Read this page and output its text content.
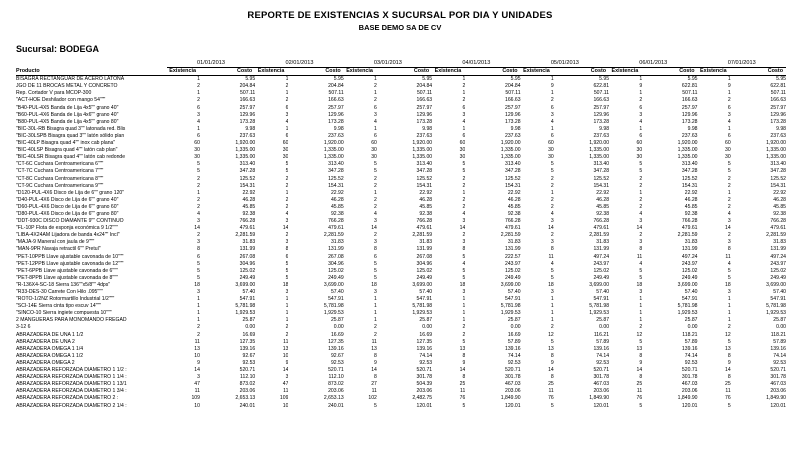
REPORTE DE EXISTENCIAS X SUCURSAL POR DIA Y UNIDADES
BASE DEMO SA DE CV
Sucursal: BODEGA
	01/01/2013		02/01/2013		03/01/2013		04/01/2013		05/01/2013		06/01/2013		07/01/2013	
Producto	Existencia	Costo	Existencia	Costo	Existencia	Costo	Existencia	Costo	Existencia	Costo	Existencia	Costo	Existencia	Costo

BISAGRA RECTANGUAR DE ACERO LATONA	1	5.95	1	5.95	1	5.95	1	5.95	1	5.95	1	5.95	1	5.95
JGO DE 11 BROCAS METAL Y CONCRETO	2	204.84	2	204.84	2	204.84	2	204.84	9	622.81	9	622.81	9	622.81
Rep. Cortador V para MCOP-300	1	507.11	1	507.11	1	507.11	1	507.11	1	507.11	1	507.11	1	507.11
"ACT-HOE Deshilador con mango 54"""	2	166.63	2	166.63	2	166.63	2	166.63	2	166.63	2	166.63	2	166.63
"B40-PUL-4X5 Banda de Lija 4x5"" grano 40"	6	257.97	6	257.97	6	257.97	6	257.97	6	257.97	6	257.97	6	257.97
"B60-PUL-4X6 Banda de Lija 4x6"" grano 40"	3	129.96	3	129.96	3	129.96	3	129.96	3	129.96	3	129.96	3	129.96
"B80-PUL-4X5 Banda de Lija 4x5"" grano 80"	4	173.28	4	173.28	4	173.28	4	173.28	4	173.28	4	173.28	4	173.28
"BIC-30L-RB Bisagra quad 3"" latonada red. Blis	1	9.98	1	9.98	1	9.98	1	9.98	1	9.98	1	9.98	1	9.98
"BIC-30LSPB Bisagra quad 3"" latón sólido plan	6	237.63	6	237.63	6	237.63	6	237.63	6	237.63	6	237.63	6	237.63
"BIC-40LP Bisagra quad 4"" inox cab plana"	60	1,920.00	60	1,920.00	60	1,920.00	60	1,920.00	60	1,920.00	60	1,920.00	60	1,920.00
"BIC-40LSP Bisagra quad 4"" latón cab plan"	30	1,335.00	30	1,335.00	30	1,335.00	30	1,335.00	30	1,335.00	30	1,335.00	30	1,335.00
"BIC-40LSR Bisagra quad 4"" latón cab redonde	30	1,335.00	30	1,335.00	30	1,335.00	30	1,335.00	30	1,335.00	30	1,335.00	30	1,335.00
"CT-6C Cuchara Centroamericana 6"""	5	313.40	5	313.40	5	313.40	5	313.40	5	313.40	5	313.40	5	313.40
"CT-7C Cuchara Centroamericana 7"""	5	347.28	5	347.28	5	347.28	5	347.28	5	347.28	5	347.28	5	347.28
"CT-8C Cuchara Centroamericana 8"""	2	125.52	2	125.52	2	125.52	2	125.52	2	125.52	2	125.52	2	125.52
"CT-9C Cuchara Centroamericana 9"""	2	154.31	2	154.31	2	154.31	2	154.31	2	154.31	2	154.31	2	154.31
"D120-PUL-4X6 Disco de Lija de 6"" grano 120"	1	22.92	1	22.92	1	22.92	1	22.92	1	22.92	1	22.92	1	22.92
"D40-PUL-4X6 Disco de Lija de 6"" grano 40"	2	46.28	2	46.28	2	46.28	2	46.28	2	46.28	2	46.28	2	46.28
"D60-PUL-4X6 Disco de Lija de 6"" grano 60"	2	45.85	2	45.85	2	45.85	2	45.85	2	45.85	2	45.85	2	45.85
"D80-PUL-4X6 Disco de Lija de 6"" grano 80"	4	92.38	4	92.38	4	92.38	4	92.38	4	92.38	4	92.38	4	92.38
"DDT-930C DISCO DIAMANTE 9"" CONTINUO	3	766.28	3	766.28	3	766.28	3	766.28	3	766.28	3	766.28	3	766.28
"FL-10P Flota de esponja económica 9 1/2"""	14	479.61	14	479.61	14	479.61	14	479.61	14	479.61	14	479.61	14	479.61
"LIBA-4X24AM Lijadora de banda 4x24"" Incl"	2	2,281.59	2	2,281.59	2	2,281.59	2	2,281.59	2	2,281.59	2	2,281.59	2	2,281.59
"MAJA-9 Maneral con jaula de 9"""	3	31.83	3	31.83	3	31.83	3	31.83	3	31.83	3	31.83	3	31.83
"MAN-9PR Navaja retractil 6"" Pretul"	8	131.99	8	131.99	8	131.99	8	131.99	8	131.99	8	131.99	8	131.99
"PET-10PPB Llave ajustable cavonada de 10"""	6	267.08	6	267.08	6	267.08	5	222.57	11	497.24	11	497.24	11	497.24
"PET-12PPB Llave ajustable cavonada de 12"""	5	304.96	5	304.96	5	304.96	4	243.97	4	243.97	4	243.97	4	243.97
"PET-6PPB Llave ajustable cavonada de 6"""	5	125.02	5	125.02	5	125.02	5	125.02	5	125.02	5	125.02	5	125.02
"PET-8PPB Llave ajustable cavonada de 8"""	5	249.49	5	249.49	5	249.49	5	249.49	5	249.49	5	249.49	5	249.49
"R-136X4-SC-18 Sierra 136""x5/8"" 4dps"	18	3,699.00	18	3,699.00	18	3,699.00	18	3,699.00	18	3,699.00	18	3,699.00	18	3,699.00
"R33-DES-30 Carrete Con Hilo .095"""	3	57.40	3	57.40	3	57.40	3	57.40	3	57.40	3	57.40	3	57.40
"ROTO-1/2NZ Rotormartillo Industrial 1/2"""	1	547.91	1	547.91	1	547.91	1	547.91	1	547.91	1	547.91	1	547.91
"SCI-14E Sierra cinta tipo escuv 14"""	1	5,781.98	1	5,781.98	1	5,781.98	1	5,781.98	1	5,781.98	1	5,781.98	1	5,781.98
"SINCO-10 Sierra ingiete compuesta 10"""	1	1,929.53	1	1,929.53	1	1,929.53	1	1,929.53	1	1,929.53	1	1,929.53	1	1,929.53
2 MANGUERAS PARA MONOMANDO FREGAD	1	25.87	1	25.87	1	25.87	1	25.87	1	25.87	1	25.87	1	25.87
3-12 6	2	0.00	2	0.00	2	0.00	2	0.00	2	0.00	2	0.00	2	0.00
ABRAZADERA DE UÑA 1 1/2	2	16.69	2	16.69	2	16.69	2	16.69	12	116.21	12	118.21	12	118.21
ABRAZADERA DE UNA 2	11	127.35	11	127.35	11	127.35	5	57.89	5	57.89	5	57.89	5	57.89
ABRAZADERA OMEGA 1 1/4	13	139.16	13	139.16	13	139.16	13	139.16	13	139.16	13	139.16	13	139.16
ABRAZADERA OMEGA 1 1/2	10	92.67	10	92.67	8	74.14	8	74.14	8	74.14	8	74.14	8	74.14
ABRAZADERA OMEGA 2	9	92.53	9	92.53	9	92.53	9	92.53	9	92.53	9	92.53	9	92.53
ABRAZADERA REFORZADA DIAMETRO 1 1/2 :	14	520.71	14	520.71	14	520.71	14	520.71	14	520.71	14	520.71	14	520.71
ABRAZADERA REFORZADA DIAMETRO 1 1/4 :	3	112.10	3	112.10	8	301.78	8	301.78	8	301.78	8	301.78	8	301.78
ABRAZADERA REFORZADA DIAMETRO 1 13/1	47	873.02	47	873.02	27	504.39	25	467.03	25	467.03	25	467.03	25	467.03
ABRAZADERA REFORZADA DIAMETRO 1 3/4 :	11	203.06	11	203.06	11	203.06	11	203.06	11	203.06	11	203.06	11	203.06
ABRAZADERA REFORZADA DIAMETRO 2 :	109	2,653.13	109	2,653.13	102	2,482.75	76	1,849.90	76	1,849.90	76	1,849.90	76	1,849.90
ABRAZADERA REFORZADA DIAMETRO 2 1/4 :	10	240.01	10	240.01	5	120.01	5	120.01	5	120.01	5	120.01	5	120.01
